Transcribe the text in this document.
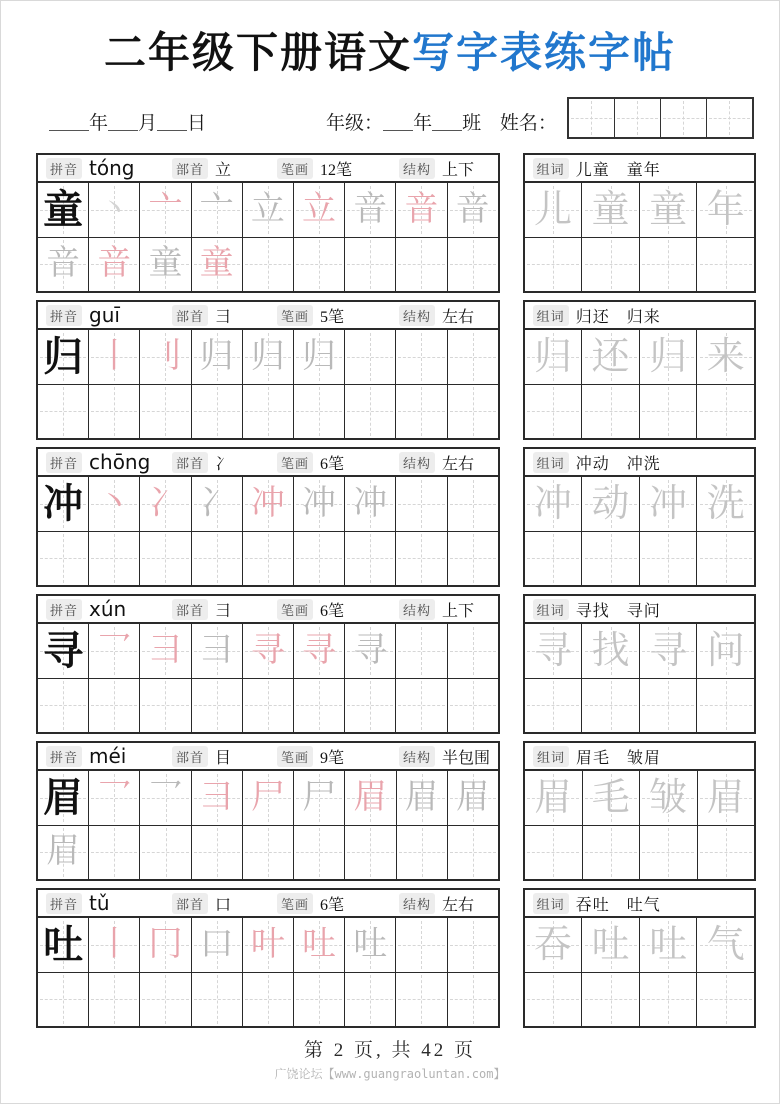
二年级下册语文写字表练字帖
年 月 日	年级： 年 班 姓名：
拼音 tóng	部首 立	笔画 12笔	结构 上下
童 丶 亠 亠 立 立 音 音 音
音 音 童 童
组词 儿童　童年
儿 童 童 年
拼音 guī	部首 彐	笔画 5笔	结构 左右
归 丨 刂 归 归 归
组词 归还　归来
归 还 归 来
拼音 chōng	部首 冫	笔画 6笔	结构 左右
冲 丶 冫 冫 冲 冲 冲
组词 冲动　冲洗
冲 动 冲 洗
拼音 xún	部首 彐	笔画 6笔	结构 上下
寻 乛 彐 彐 寻 寻 寻
组词 寻找　寻问
寻 找 寻 问
拼音 méi	部首 目	笔画 9笔	结构 半包围
眉 乛 乛 彐 尸 尸 眉 眉 眉
眉
组词 眉毛　皱眉
眉 毛 皱 眉
拼音 tǔ	部首 口	笔画 6笔	结构 左右
吐 丨 冂 口 叶 吐 吐
组词 吞吐　吐气
吞 吐 吐 气
第 2 页, 共 42 页
广饶论坛【www.guangraoluntan.com】
